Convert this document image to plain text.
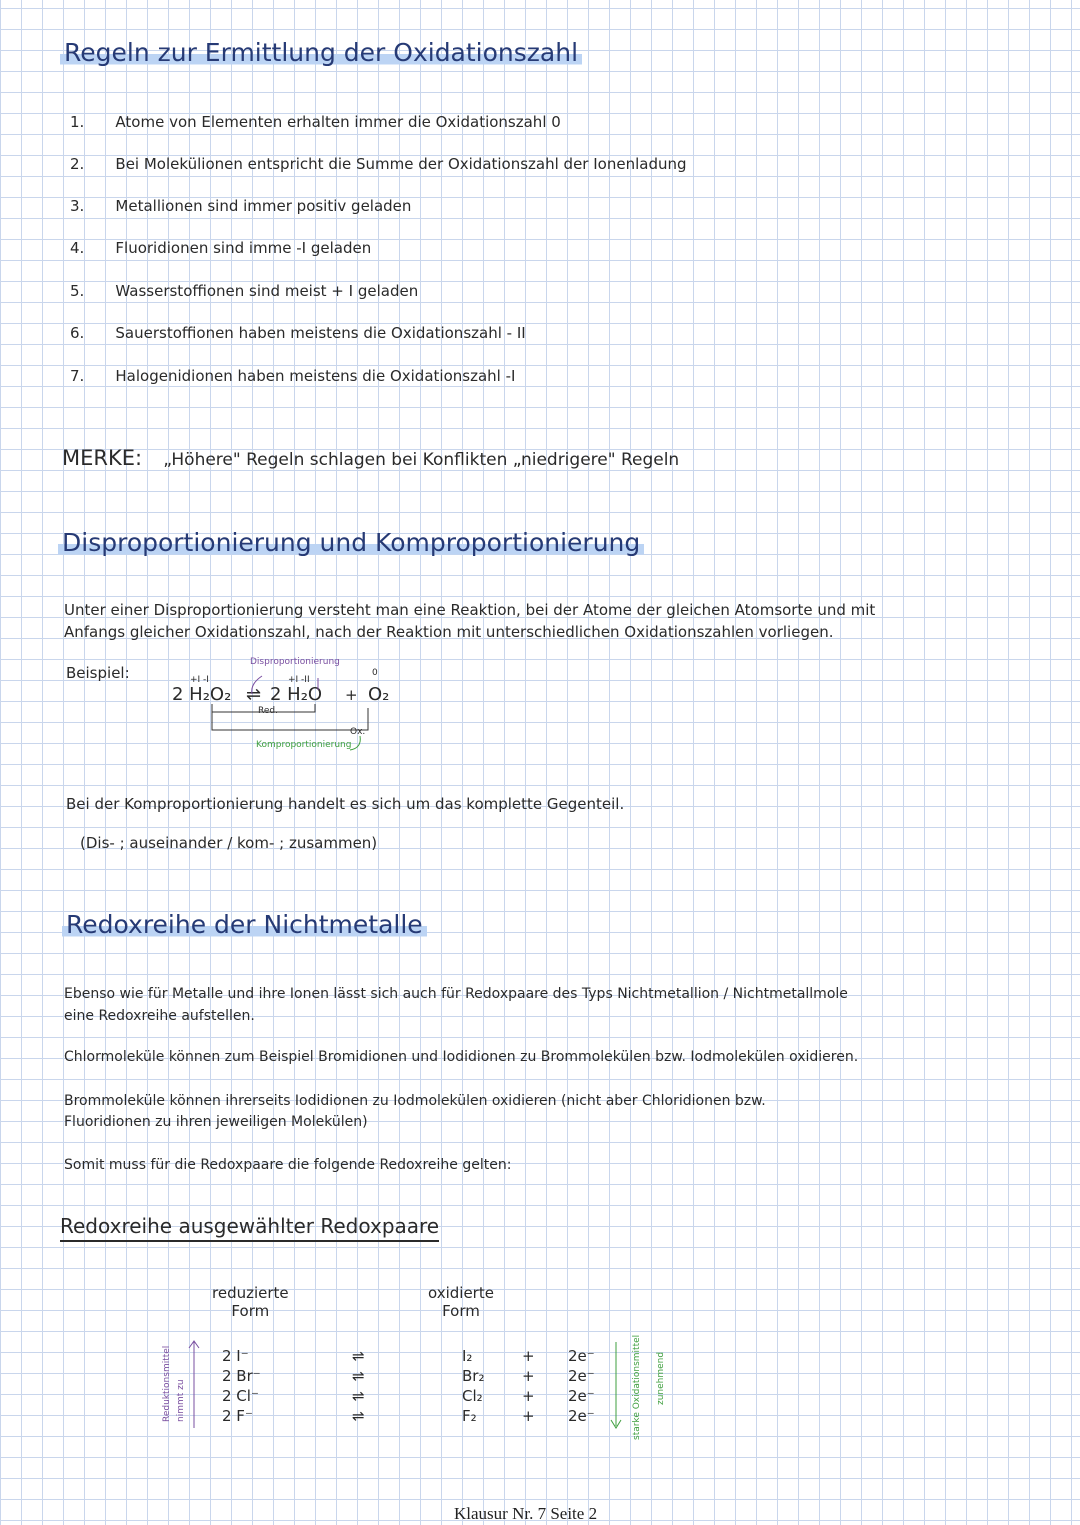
Regeln zur Ermittlung der Oxidationszahl
1. Atome von Elementen erhalten immer die Oxidationszahl 0
2. Bei Molekülionen entspricht die Summe der Oxidationszahl der Ionenladung
3. Metallionen sind immer positiv geladen
4. Fluoridionen sind imme -I geladen
5. Wasserstoffionen sind meist + I geladen
6. Sauerstoffionen haben meistens die Oxidationszahl - II
7. Halogenidionen haben meistens die Oxidationszahl -I
MERKE: „Höhere" Regeln schlagen bei Konflikten „niedrigere" Regeln
Disproportionierung und Komproportionierung
Unter einer Disproportionierung versteht man eine Reaktion, bei der Atome der gleichen Atomsorte und mit
Anfangs gleicher Oxidationszahl, nach der Reaktion mit unterschiedlichen Oxidationszahlen vorliegen.
Beispiel:
Disproportionierung
+I -I	+I -II
0
2 H₂O₂ ⇌ 2 H₂O + O₂
Red.
Ox.
Komproportionierung
Bei der Komproportionierung handelt es sich um das komplette Gegenteil.
(Dis- ; auseinander / kom- ; zusammen)
Redoxreihe der Nichtmetalle
Ebenso wie für Metalle und ihre Ionen lässt sich auch für Redoxpaare des Typs Nichtmetallion / Nichtmetallmole
eine Redoxreihe aufstellen.
Chlormoleküle können zum Beispiel Bromidionen und Iodidionen zu Brommolekülen bzw. Iodmolekülen oxidieren.
Brommoleküle können ihrerseits Iodidionen zu Iodmolekülen oxidieren (nicht aber Chloridionen bzw.
Fluoridionen zu ihren jeweiligen Molekülen)
Somit muss für die Redoxpaare die folgende Redoxreihe gelten:
Redoxreihe ausgewählter Redoxpaare
reduzierte
Form
oxidierte
Form
Reduktionsmittel nimmt zu
2 I⁻	⇌	I₂	+ 2e⁻
2 Br⁻	⇌	Br₂	+ 2e⁻
2 Cl⁻	⇌	Cl₂	+ 2e⁻
2 F⁻	⇌	F₂	+ 2e⁻	starke Oxidationsmittel zunehmend
Klausur Nr. 7 Seite 2
